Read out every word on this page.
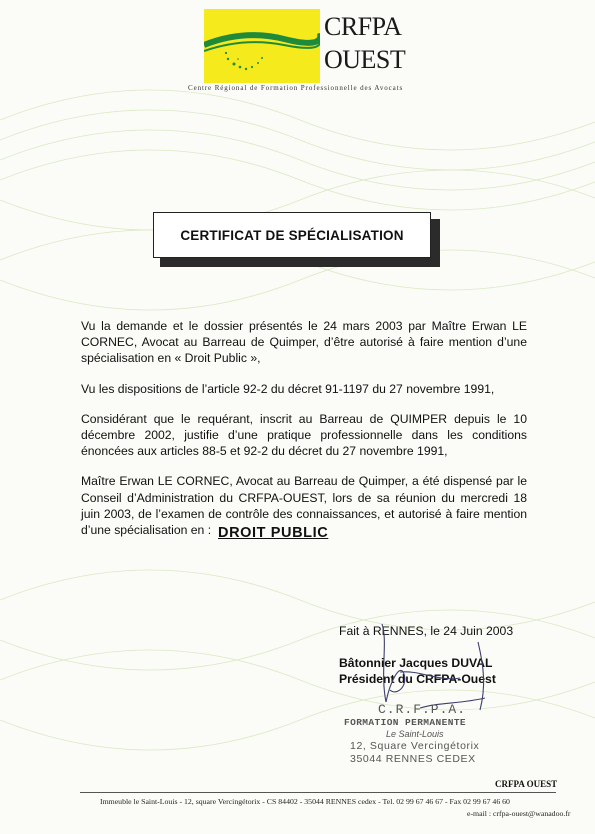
CRFPA
OUEST
Centre Régional de Formation Professionnelle des Avocats
CERTIFICAT DE SPÉCIALISATION

Vu la demande et le dossier présentés le 24 mars 2003 par Maître Erwan LE CORNEC, Avocat au Barreau de Quimper, d’être autorisé à faire mention d’une spécialisation en « Droit Public »,

Vu les dispositions de l’article 92-2 du décret 91-1197 du 27 novembre 1991,

Considérant que le requérant, inscrit au Barreau de QUIMPER depuis le 10 décembre 2002, justifie d’une pratique professionnelle dans les conditions énoncées aux articles 88-5 et 92-2 du décret du 27 novembre 1991,

Maître Erwan LE CORNEC, Avocat au Barreau de Quimper, a été dispensé par le Conseil d’Administration du CRFPA-OUEST, lors de sa réunion du mercredi 18 juin 2003, de l’examen de contrôle des connaissances, et autorisé à faire mention d’une spécialisation en : DROIT PUBLIC
Fait à RENNES, le 24 Juin 2003
Bâtonnier Jacques DUVAL
Président du CRFPA-Ouest
C.R.F.P.A.
FORMATION PERMANENTE
Le Saint-Louis
12, Square Vercingétorix
35044 RENNES CEDEX
CRFPA OUEST
Immeuble le Saint-Louis - 12, square Vercingétorix - CS 84402 - 35044 RENNES cedex - Tel. 02 99 67 46 67 - Fax 02 99 67 46 60
e-mail : crfpa-ouest@wanadoo.fr
